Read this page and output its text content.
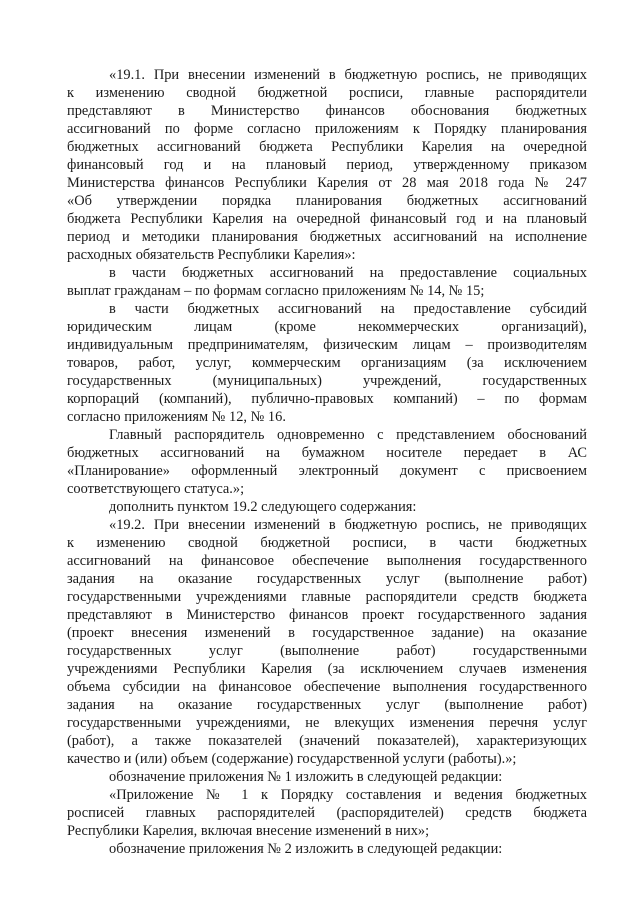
«19.1. При внесении изменений в бюджетную роспись, не приводящих
к изменению сводной бюджетной росписи, главные распорядители
представляют в Министерство финансов обоснования бюджетных
ассигнований по форме согласно приложениям к Порядку планирования
бюджетных ассигнований бюджета Республики Карелия на очередной
финансовый год и на плановый период, утвержденному приказом
Министерства финансов Республики Карелия от 28 мая 2018 года № 247
«Об утверждении порядка планирования бюджетных ассигнований
бюджета Республики Карелия на очередной финансовый год и на плановый
период и методики планирования бюджетных ассигнований на исполнение
расходных обязательств Республики Карелия»:
в части бюджетных ассигнований на предоставление социальных
выплат гражданам – по формам согласно приложениям № 14, № 15;
в части бюджетных ассигнований на предоставление субсидий
юридическим лицам (кроме некоммерческих организаций),
индивидуальным предпринимателям, физическим лицам – производителям
товаров, работ, услуг, коммерческим организациям (за исключением
государственных (муниципальных) учреждений, государственных
корпораций (компаний), публично-правовых компаний) – по формам
согласно приложениям № 12, № 16.
Главный распорядитель одновременно с представлением обоснований
бюджетных ассигнований на бумажном носителе передает в АС
«Планирование» оформленный электронный документ с присвоением
соответствующего статуса.»;
дополнить пунктом 19.2 следующего содержания:
«19.2. При внесении изменений в бюджетную роспись, не приводящих
к изменению сводной бюджетной росписи, в части бюджетных
ассигнований на финансовое обеспечение выполнения государственного
задания на оказание государственных услуг (выполнение работ)
государственными учреждениями главные распорядители средств бюджета
представляют в Министерство финансов проект государственного задания
(проект внесения изменений в государственное задание) на оказание
государственных услуг (выполнение работ) государственными
учреждениями Республики Карелия (за исключением случаев изменения
объема субсидии на финансовое обеспечение выполнения государственного
задания на оказание государственных услуг (выполнение работ)
государственными учреждениями, не влекущих изменения перечня услуг
(работ), а также показателей (значений показателей), характеризующих
качество и (или) объем (содержание) государственной услуги (работы).»;
обозначение приложения № 1 изложить в следующей редакции:
«Приложение № 1 к Порядку составления и ведения бюджетных
росписей главных распорядителей (распорядителей) средств бюджета
Республики Карелия, включая внесение изменений в них»;
обозначение приложения № 2 изложить в следующей редакции:
